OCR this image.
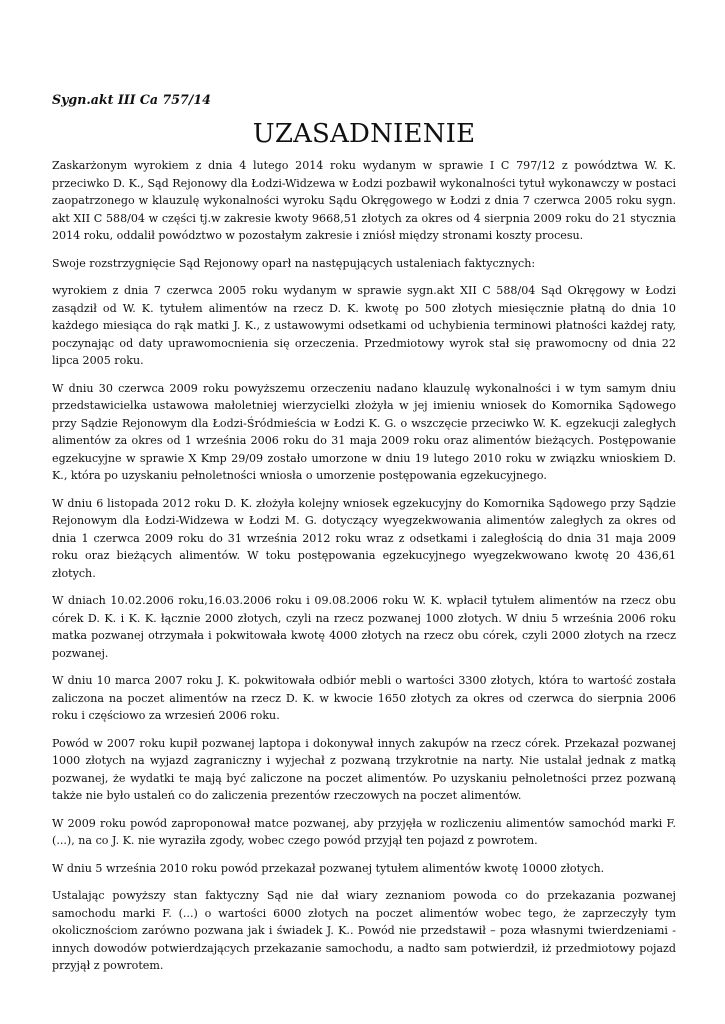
Sygn.akt III Ca 757/14
UZASADNIENIE

Zaskarżonym wyrokiem z dnia 4 lutego 2014 roku wydanym w sprawie I C 797/12 z powództwa W. K. przeciwko D. K., Sąd Rejonowy dla Łodzi-Widzewa w Łodzi pozbawił wykonalności tytuł wykonawczy w postaci zaopatrzonego w klauzulę wykonalności wyroku Sądu Okręgowego w Łodzi z dnia 7 czerwca 2005 roku sygn. akt XII C 588/04 w części tj.w zakresie kwoty 9668,51 złotych za okres od 4 sierpnia 2009 roku do 21 stycznia 2014 roku, oddalił powództwo w pozostałym zakresie i zniósł między stronami koszty procesu.

Swoje rozstrzygnięcie Sąd Rejonowy oparł na następujących ustaleniach faktycznych:

wyrokiem z dnia 7 czerwca 2005 roku wydanym w sprawie sygn.akt XII C 588/04 Sąd Okręgowy w Łodzi zasądził od W. K. tytułem alimentów na rzecz D. K. kwotę po 500 złotych miesięcznie płatną do dnia 10 każdego miesiąca do rąk matki J. K., z ustawowymi odsetkami od uchybienia terminowi płatności każdej raty, poczynając od daty uprawomocnienia się orzeczenia. Przedmiotowy wyrok stał się prawomocny od dnia 22 lipca 2005 roku.

W dniu 30 czerwca 2009 roku powyższemu orzeczeniu nadano klauzulę wykonalności i w tym samym dniu przedstawicielka ustawowa małoletniej wierzycielki złożyła w jej imieniu wniosek do Komornika Sądowego przy Sądzie Rejonowym dla Łodzi-Śródmieścia w Łodzi K. G. o wszczęcie przeciwko W. K. egzekucji zaległych alimentów za okres od 1 września 2006 roku do 31 maja 2009 roku oraz alimentów bieżących. Postępowanie egzekucyjne w sprawie X Kmp 29/09 zostało umorzone w dniu 19 lutego 2010 roku w związku wnioskiem D. K., która po uzyskaniu pełnoletności wniosła o umorzenie postępowania egzekucyjnego.

W dniu 6 listopada 2012 roku D. K. złożyła kolejny wniosek egzekucyjny do Komornika Sądowego przy Sądzie Rejonowym dla Łodzi-Widzewa w Łodzi M. G. dotyczący wyegzekwowania alimentów zaległych za okres od dnia 1 czerwca 2009 roku do 31 września 2012 roku wraz z odsetkami i zaległością do dnia 31 maja 2009 roku oraz bieżących alimentów. W toku postępowania egzekucyjnego wyegzekwowano kwotę 20 436,61 złotych.

W dniach 10.02.2006 roku,16.03.2006 roku i 09.08.2006 roku W. K. wpłacił tytułem alimentów na rzecz obu córek D. K. i K. K. łącznie 2000 złotych, czyli na rzecz pozwanej 1000 złotych. W dniu 5 września 2006 roku matka pozwanej otrzymała i pokwitowała kwotę 4000 złotych na rzecz obu córek, czyli 2000 złotych na rzecz pozwanej.

W dniu 10 marca 2007 roku J. K. pokwitowała odbiór mebli o wartości 3300 złotych, która to wartość została zaliczona na poczet alimentów na rzecz D. K. w kwocie 1650 złotych za okres od czerwca do sierpnia 2006 roku i częściowo za wrzesień 2006 roku.

Powód w 2007 roku kupił pozwanej laptopa i dokonywał innych zakupów na rzecz córek. Przekazał pozwanej 1000 złotych na wyjazd zagraniczny i wyjechał z pozwaną trzykrotnie na narty. Nie ustalał jednak z matką pozwanej, że wydatki te mają być zaliczone na poczet alimentów. Po uzyskaniu pełnoletności przez pozwaną także nie było ustaleń co do zaliczenia prezentów rzeczowych na poczet alimentów.

W 2009 roku powód zaproponował matce pozwanej, aby przyjęła w rozliczeniu alimentów samochód marki F. (...), na co J. K. nie wyraziła zgody, wobec czego powód przyjął ten pojazd z powrotem.

W dniu 5 września 2010 roku powód przekazał pozwanej tytułem alimentów kwotę 10000 złotych.

Ustalając powyższy stan faktyczny Sąd nie dał wiary zeznaniom powoda co do przekazania pozwanej samochodu marki F. (...) o wartości 6000 złotych na poczet alimentów wobec tego, że zaprzeczyły tym okolicznościom zarówno pozwana jak i świadek J. K.. Powód nie przedstawił – poza własnymi twierdzeniami - innych dowodów potwierdzających przekazanie samochodu, a nadto sam potwierdził, iż przedmiotowy pojazd przyjął z powrotem.
